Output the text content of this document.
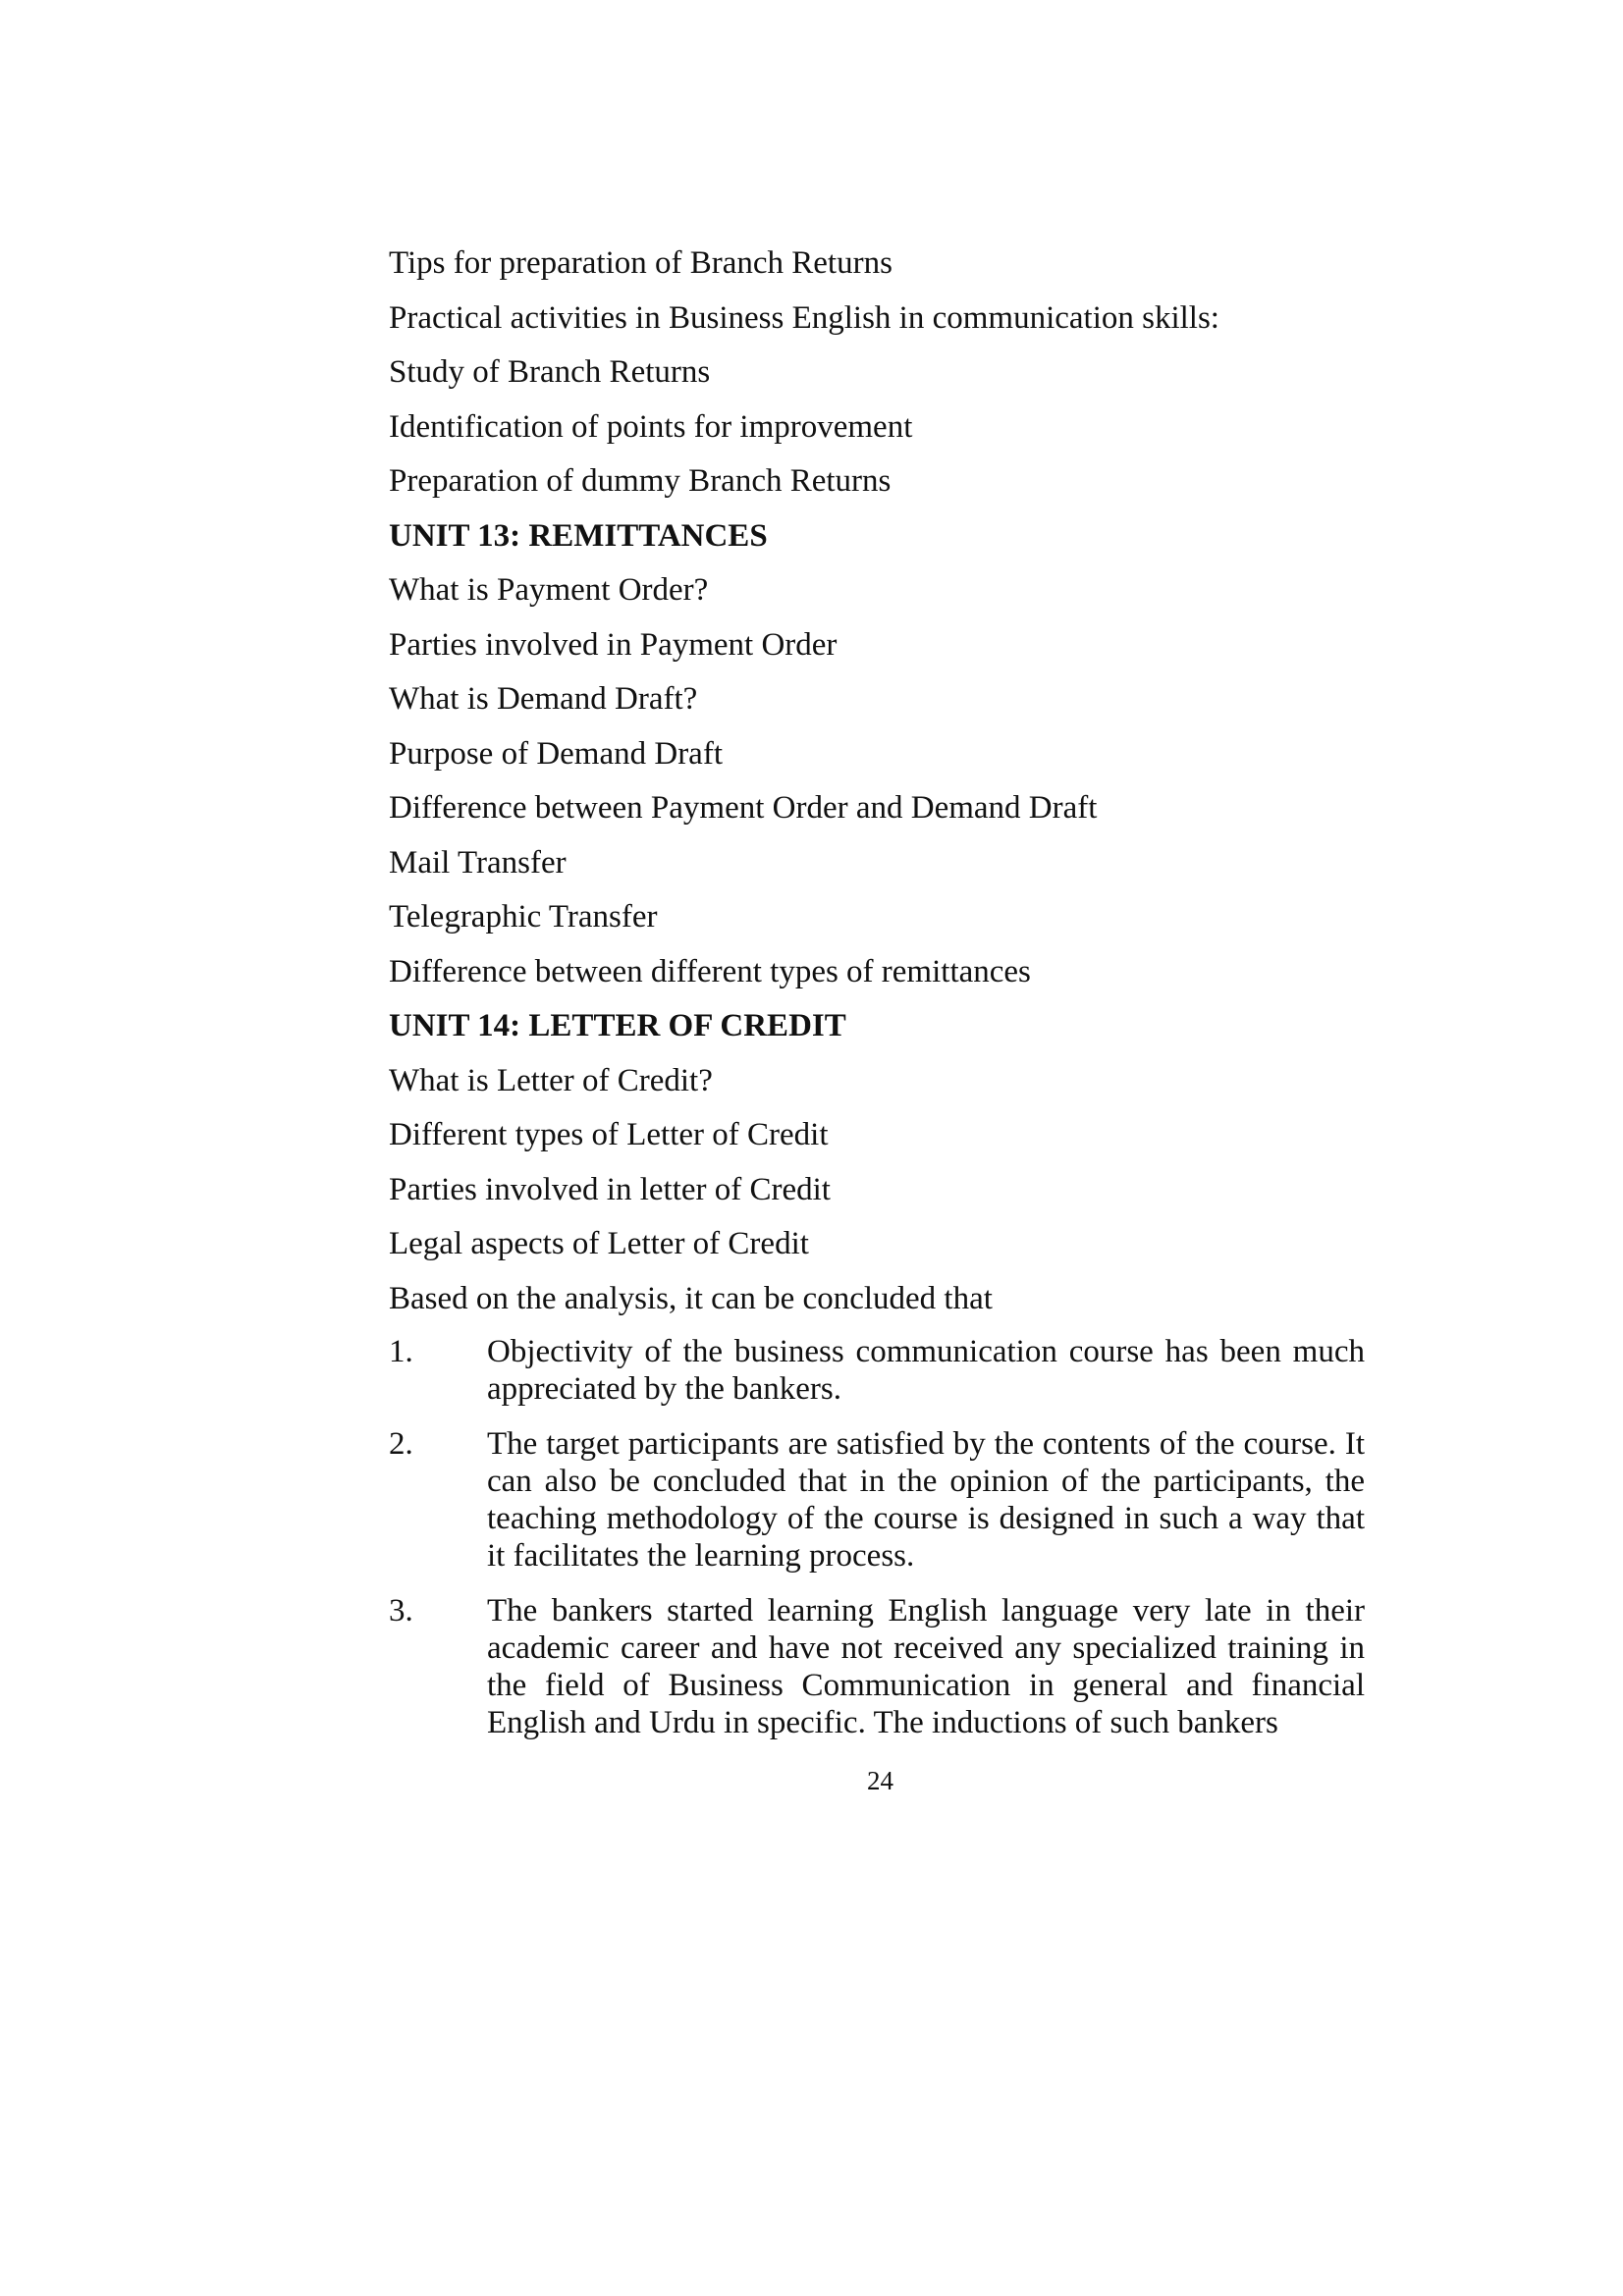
Tips for preparation of Branch Returns
Practical activities in Business English in communication skills:
Study of Branch Returns
Identification of points for improvement
Preparation of dummy Branch Returns
UNIT 13: REMITTANCES
What is Payment Order?
Parties involved in Payment Order
What is Demand Draft?
Purpose of Demand Draft
Difference between Payment Order and Demand Draft
Mail Transfer
Telegraphic Transfer
Difference between different types of remittances
UNIT 14: LETTER OF CREDIT
What is Letter of Credit?
Different types of Letter of Credit
Parties involved in letter of Credit
Legal aspects of Letter of Credit
Based on the analysis, it can be concluded that
1. Objectivity of the business communication course has been much appreciated by the bankers.
2. The target participants are satisfied by the contents of the course. It can also be concluded that in the opinion of the participants, the teaching methodology of the course is designed in such a way that it facilitates the learning process.
3. The bankers started learning English language very late in their academic career and have not received any specialized training in the field of Business Communication in general and financial English and Urdu in specific. The inductions of such bankers
24
